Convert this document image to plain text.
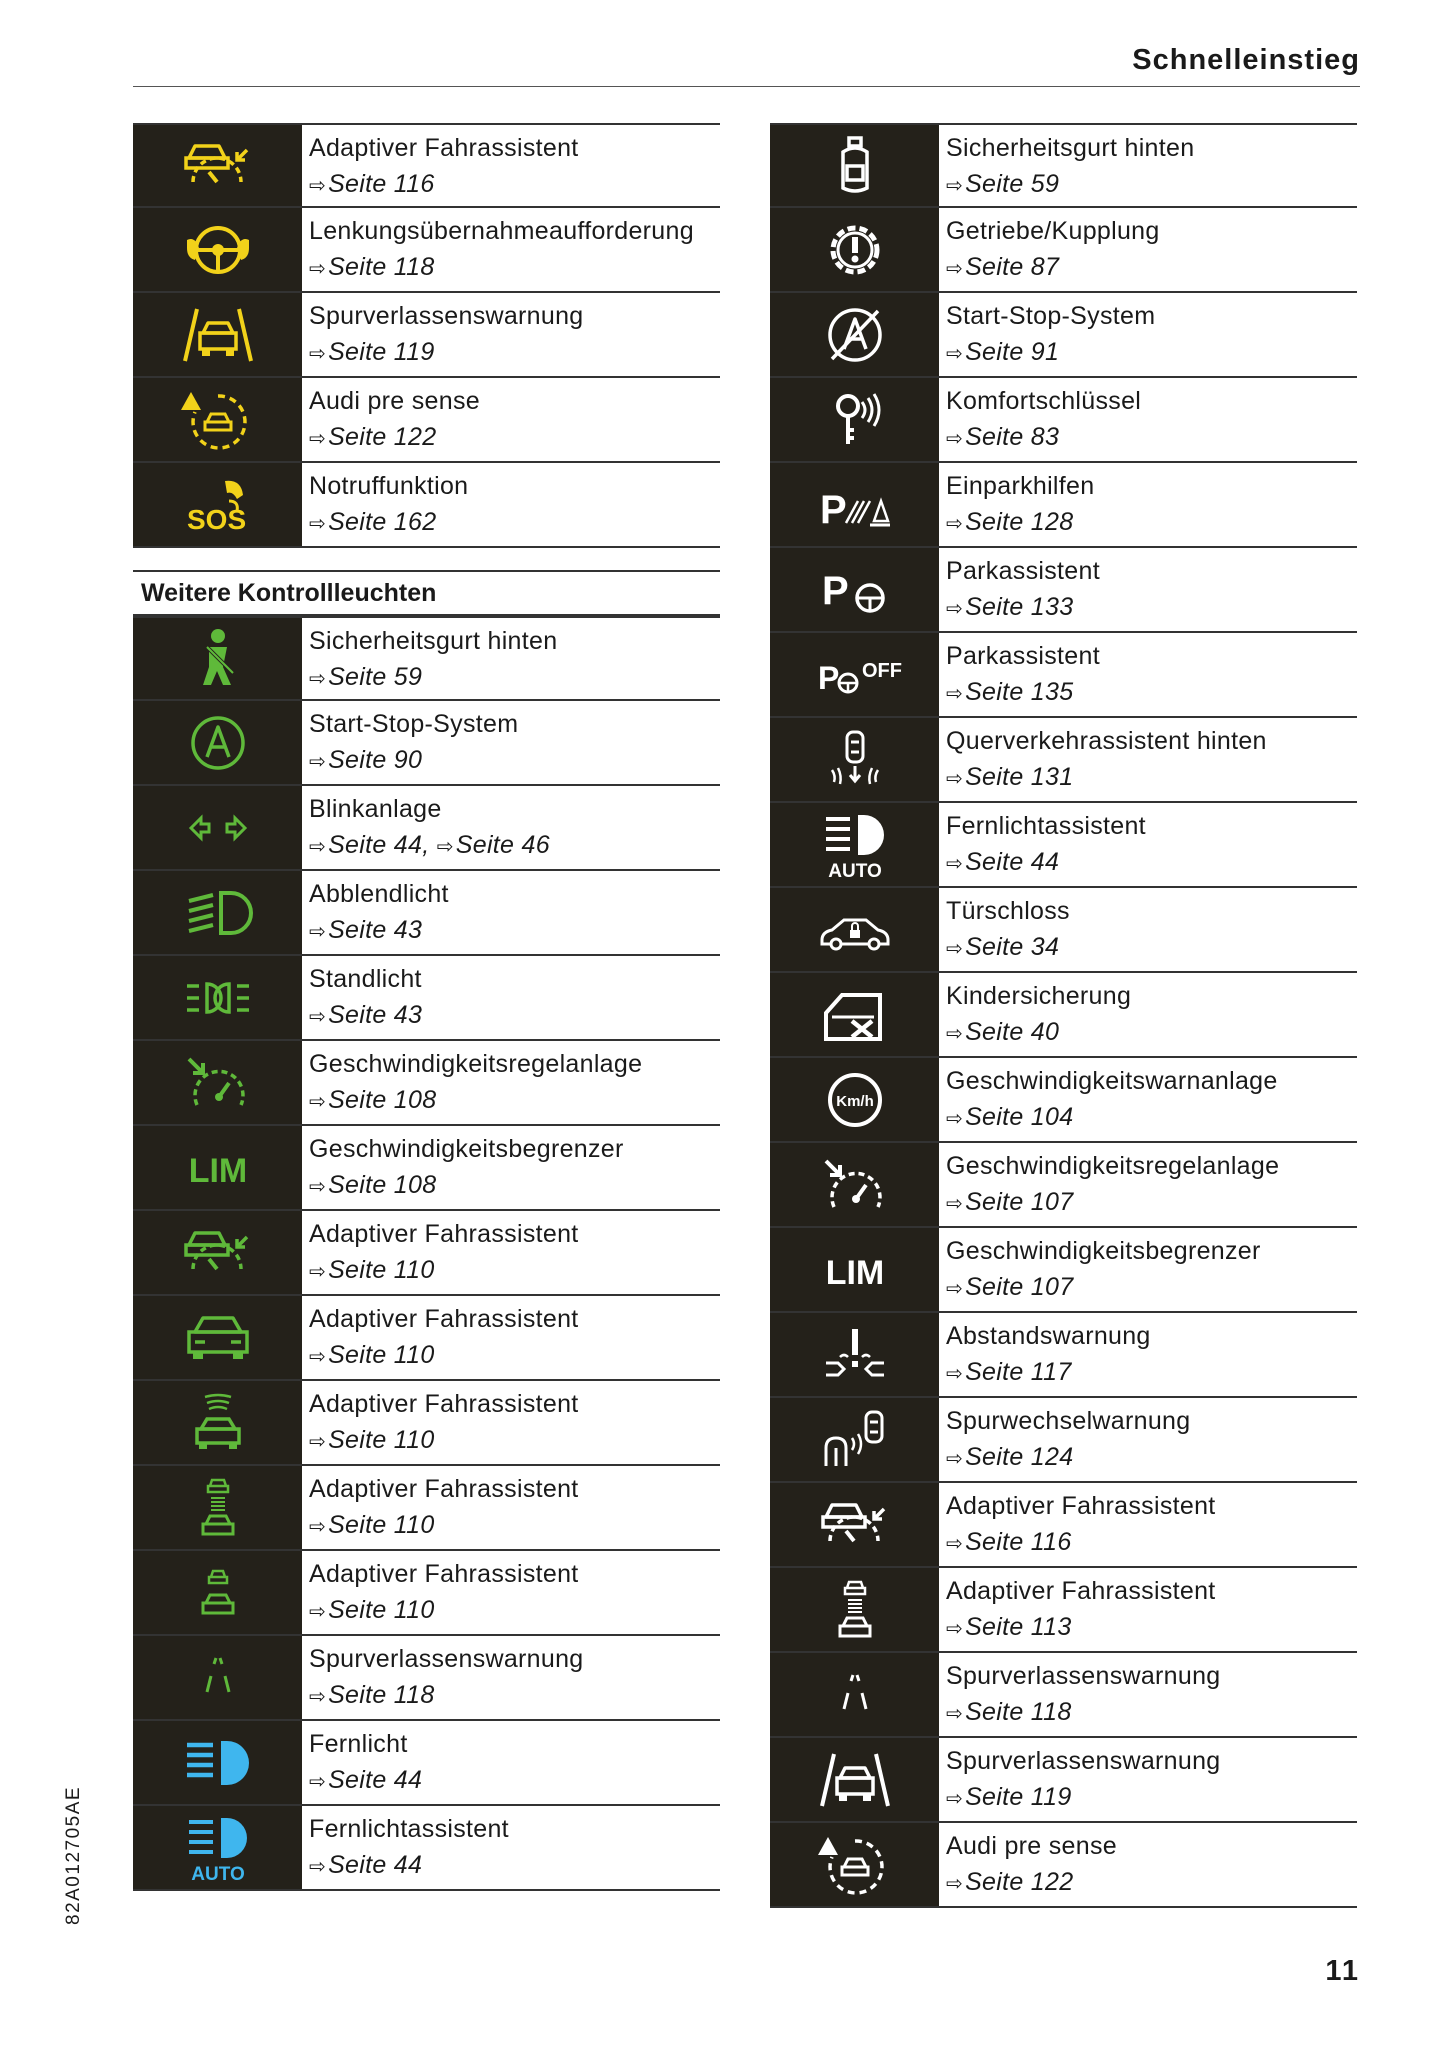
Schnelleinstieg
Adaptiver Fahrassistent
⇨Seite 116
Lenkungsübernahmeaufforderung
⇨Seite 118
Spurverlassenswarnung
⇨Seite 119
Audi pre sense
⇨Seite 122
SOS
Notruffunktion
⇨Seite 162
Weitere Kontrollleuchten
Sicherheitsgurt hinten
⇨Seite 59
Start-Stop-System
⇨Seite 90
Blinkanlage
⇨Seite 44, ⇨Seite 46
Abblendlicht
⇨Seite 43
Standlicht
⇨Seite 43
Geschwindigkeitsregelanlage
⇨Seite 108
LIM
Geschwindigkeitsbegrenzer
⇨Seite 108
Adaptiver Fahrassistent
⇨Seite 110
Adaptiver Fahrassistent
⇨Seite 110
Adaptiver Fahrassistent
⇨Seite 110
Adaptiver Fahrassistent
⇨Seite 110
Adaptiver Fahrassistent
⇨Seite 110
Spurverlassenswarnung
⇨Seite 118
Fernlicht
⇨Seite 44
AUTO
Fernlichtassistent
⇨Seite 44
Sicherheitsgurt hinten
⇨Seite 59
Getriebe/Kupplung
⇨Seite 87
Start-Stop-System
⇨Seite 91
Komfortschlüssel
⇨Seite 83
P
Einparkhilfen
⇨Seite 128
P	Parkassistent
⇨Seite 133
P OFF
Parkassistent
⇨Seite 135
Querverkehrassistent hinten
⇨Seite 131
AUTO
Fernlichtassistent
⇨Seite 44
Türschloss
⇨Seite 34
Kindersicherung
⇨Seite 40
Km/h
Geschwindigkeitswarnanlage
⇨Seite 104
Geschwindigkeitsregelanlage
⇨Seite 107
LIM
Geschwindigkeitsbegrenzer
⇨Seite 107
Abstandswarnung
⇨Seite 117
Spurwechselwarnung
⇨Seite 124
Adaptiver Fahrassistent
⇨Seite 116
Adaptiver Fahrassistent
⇨Seite 113
Spurverlassenswarnung
⇨Seite 118
Spurverlassenswarnung
⇨Seite 119
Audi pre sense
⇨Seite 122
82A012705AE
11
